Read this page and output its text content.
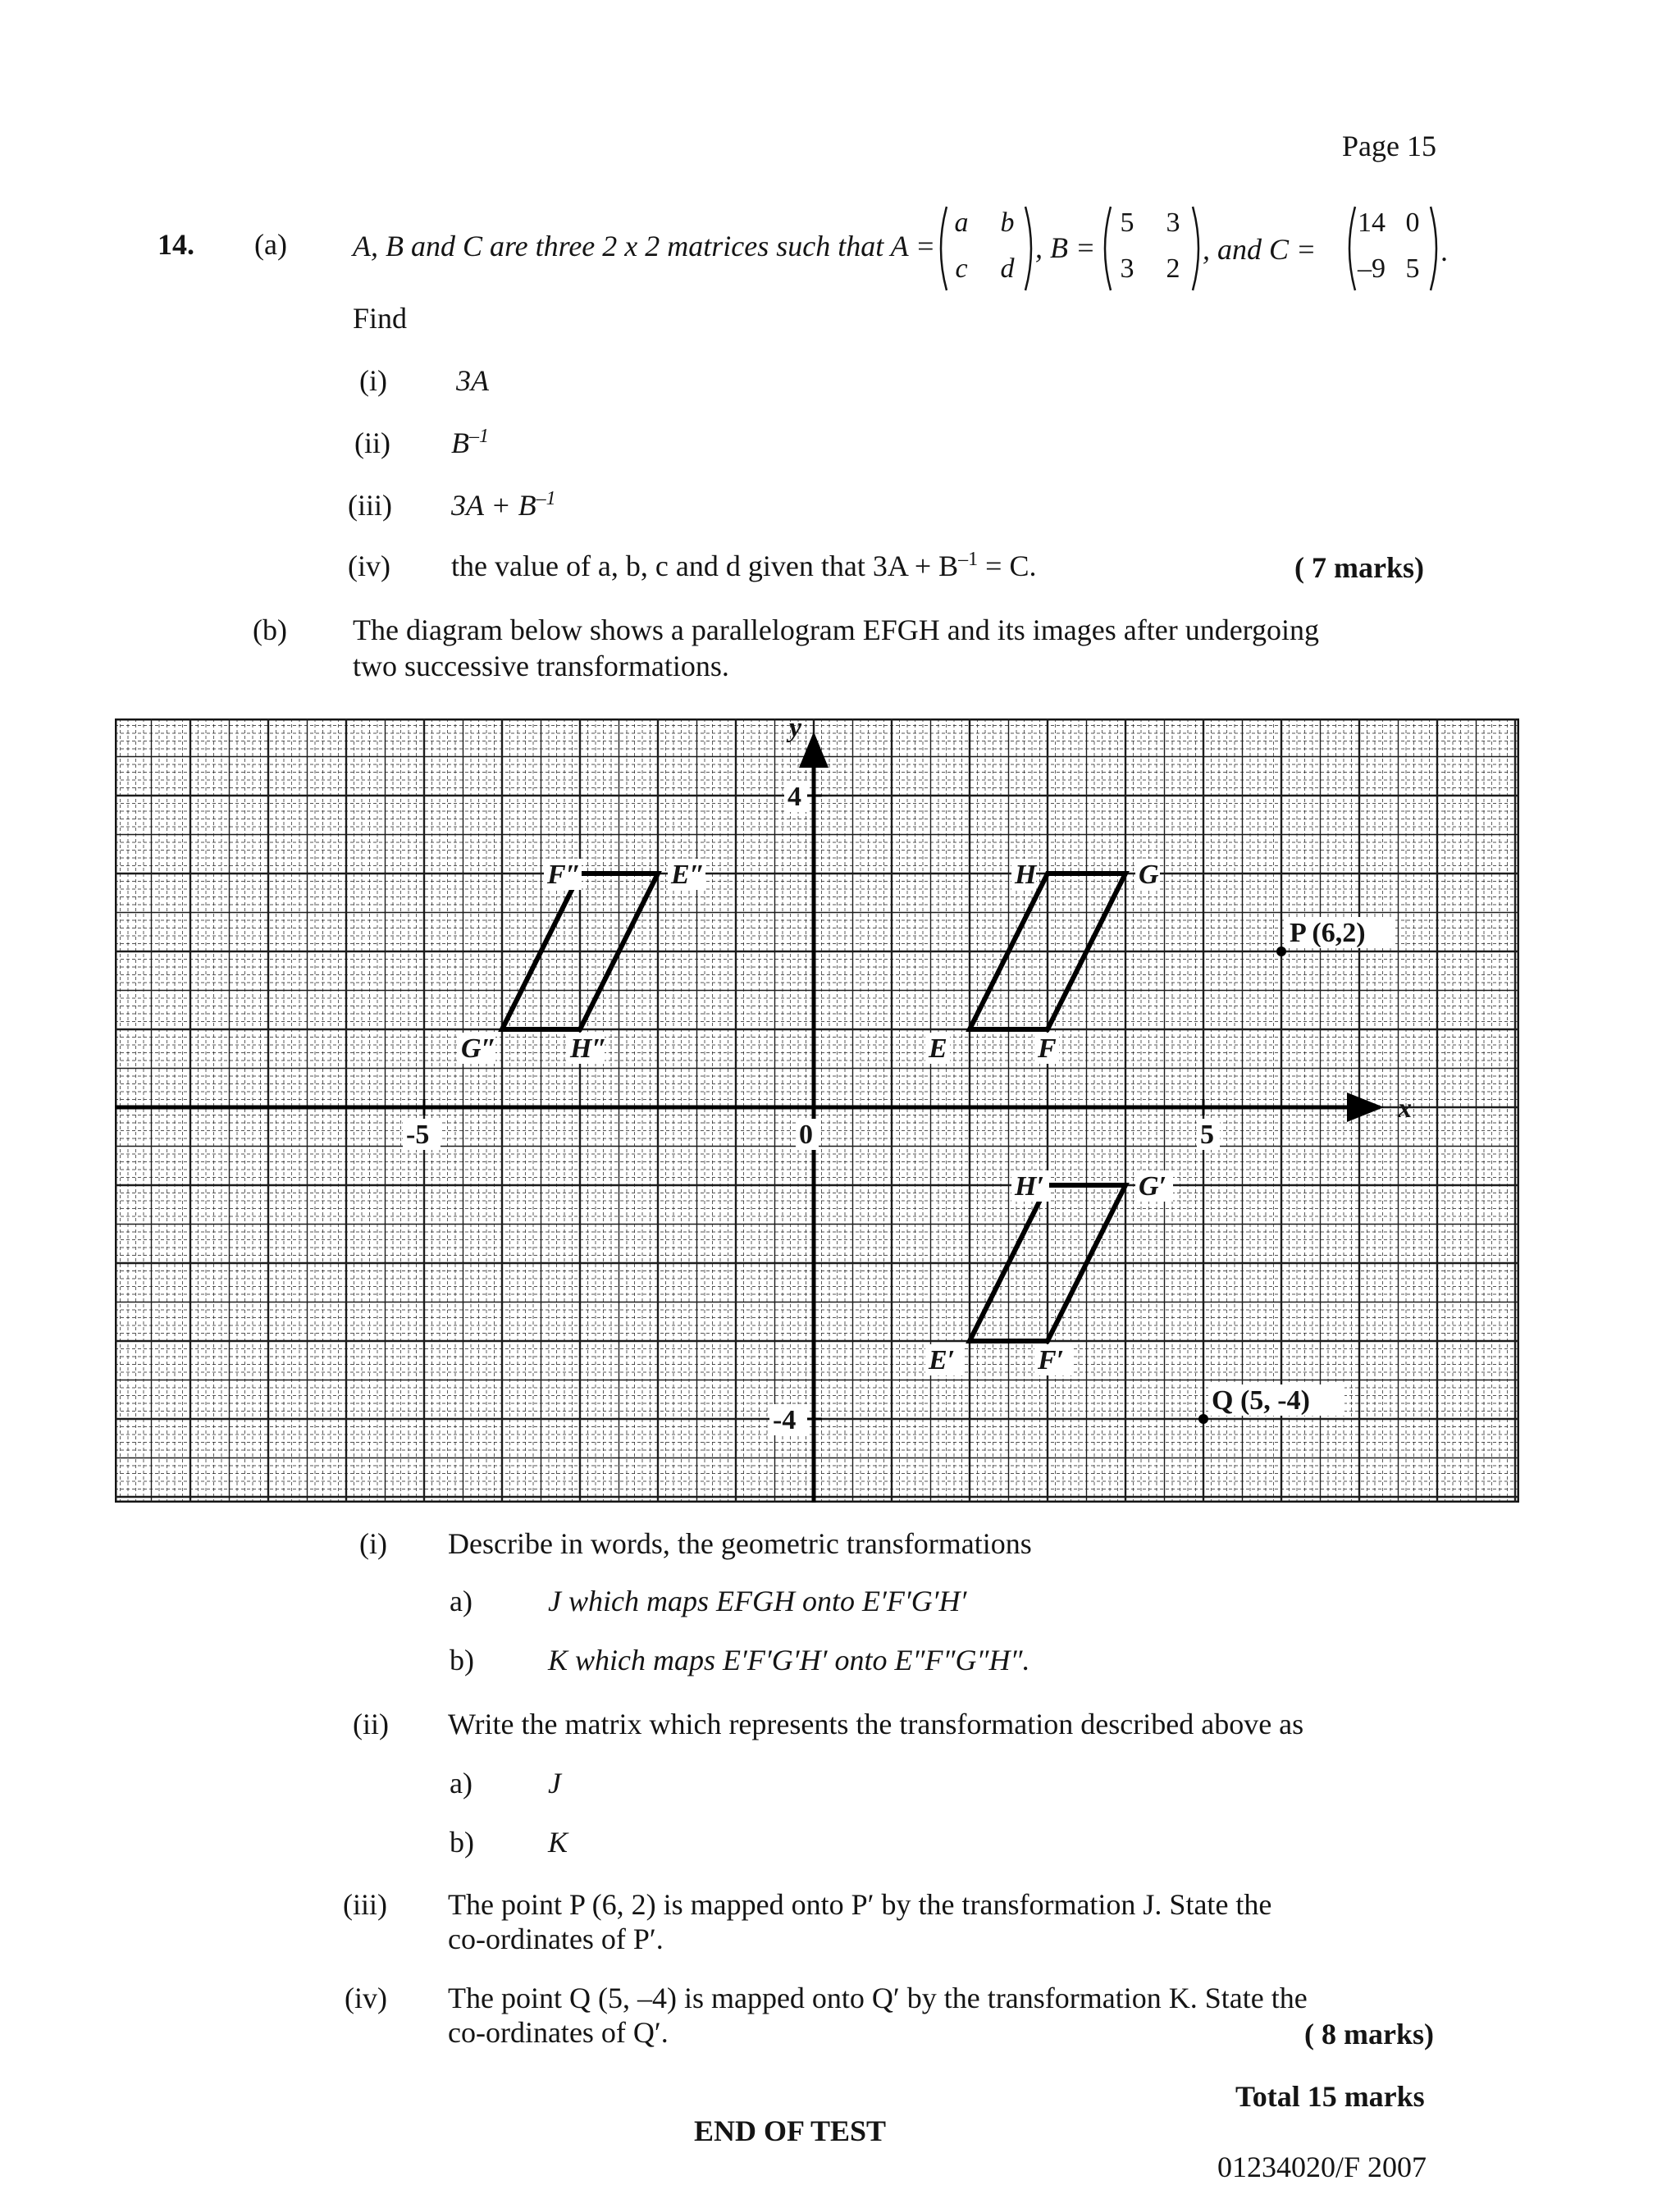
Page 15
14. (a) A, B and C are three 2 x 2 matrices such that A =
a	b
c	d
, B =
5	3
3	2
, and C =
14 0
–9 5
.
Find
(i) 3A
(ii) $B^{-1}$
(iii) $3A + B^{-1}$
(iv) the value of a, b, c and d given that $3A + B^{-1} = C$.	( 7 marks)
(b) The diagram below shows a parallelogram EFGH and its images after undergoing
two successive transformations.
x
y
-5	0	5
4
-4
E	F
G
H
E′	F′
G′
H′
E″
F″
G″	H″
P (6,2)
Q (5, -4)
(i) Describe in words, the geometric transformations
a)	J which maps EFGH onto E′F′G′H′
b)	K which maps E′F′G′H′ onto E″F″G″H″.
(ii) Write the matrix which represents the transformation described above as
a)	J
b)	K
(iii) The point P (6, 2) is mapped onto P′ by the transformation J. State the
co-ordinates of P′.
(iv) The point Q (5, –4) is mapped onto Q′ by the transformation K. State the
co-ordinates of Q′.	( 8 marks)
Total 15 marks
END OF TEST
01234020/F 2007
